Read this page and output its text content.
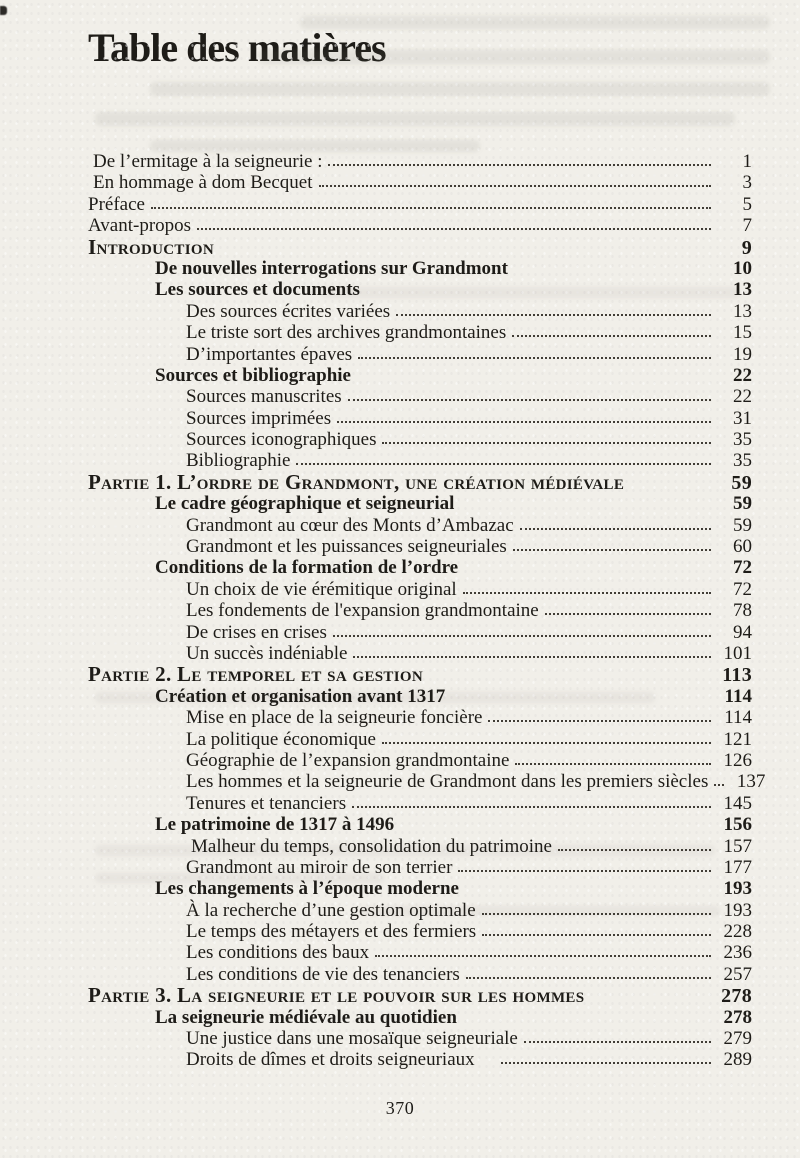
Table des matières
De l’ermitage à la seigneurie :	1
En hommage à dom Becquet	3
Préface	5
Avant-propos	7
Introduction	9
De nouvelles interrogations sur Grandmont	10
Les sources et documents	13
Des sources écrites variées	13
Le triste sort des archives grandmontaines	15
D’importantes épaves	19
Sources et bibliographie	22
Sources manuscrites	22
Sources imprimées	31
Sources iconographiques	35
Bibliographie	35
Partie 1. L’ordre de Grandmont, une création médiévale	59
Le cadre géographique et seigneurial	59
Grandmont au cœur des Monts d’Ambazac	59
Grandmont et les puissances seigneuriales	60
Conditions de la formation de l’ordre	72
Un choix de vie érémitique original	72
Les fondements de l'expansion grandmontaine	78
De crises en crises	94
Un succès indéniable	101
Partie 2. Le temporel et sa gestion	113
Création et organisation avant 1317	114
Mise en place de la seigneurie foncière	114
La politique économique	121
Géographie de l’expansion grandmontaine	126
Les hommes et la seigneurie de Grandmont dans les premiers siècles	137
Tenures et tenanciers	145
Le patrimoine de 1317 à 1496	156
Malheur du temps, consolidation du patrimoine	157
Grandmont au miroir de son terrier	177
Les changements à l’époque moderne	193
À la recherche d’une gestion optimale	193
Le temps des métayers et des fermiers	228
Les conditions des baux	236
Les conditions de vie des tenanciers	257
Partie 3. La seigneurie et le pouvoir sur les hommes	278
La seigneurie médiévale au quotidien	278
Une justice dans une mosaïque seigneuriale	279
Droits de dîmes et droits seigneuriaux	289
370
